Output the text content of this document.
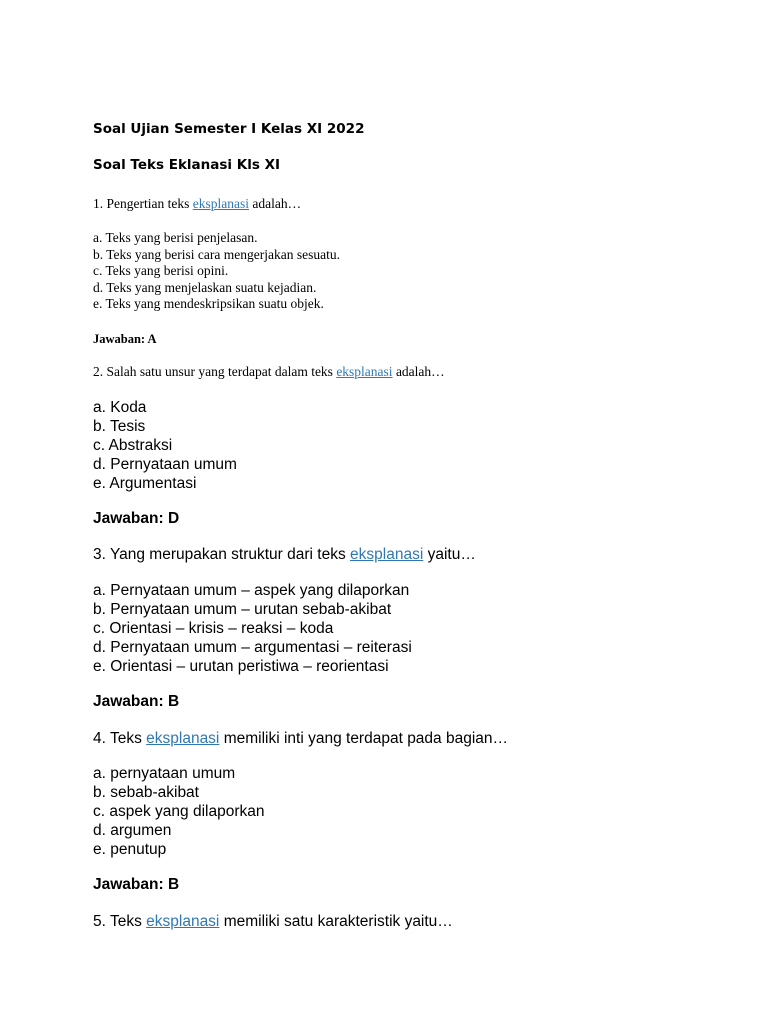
Soal Ujian Semester I Kelas XI 2022
Soal Teks Eklanasi Kls XI
1. Pengertian teks eksplanasi adalah…
a. Teks yang berisi penjelasan.
b. Teks yang berisi cara mengerjakan sesuatu.
c. Teks yang berisi opini.
d. Teks yang menjelaskan suatu kejadian.
e. Teks yang mendeskripsikan suatu objek.
Jawaban: A
2. Salah satu unsur yang terdapat dalam teks eksplanasi adalah…
a. Koda
b. Tesis
c. Abstraksi
d. Pernyataan umum
e. Argumentasi
Jawaban: D
3. Yang merupakan struktur dari teks eksplanasi yaitu…
a. Pernyataan umum – aspek yang dilaporkan
b. Pernyataan umum – urutan sebab-akibat
c. Orientasi – krisis – reaksi – koda
d. Pernyataan umum – argumentasi – reiterasi
e. Orientasi – urutan peristiwa – reorientasi
Jawaban: B
4. Teks eksplanasi memiliki inti yang terdapat pada bagian…
a. pernyataan umum
b. sebab-akibat
c. aspek yang dilaporkan
d. argumen
e. penutup
Jawaban: B
5. Teks eksplanasi memiliki satu karakteristik yaitu…
